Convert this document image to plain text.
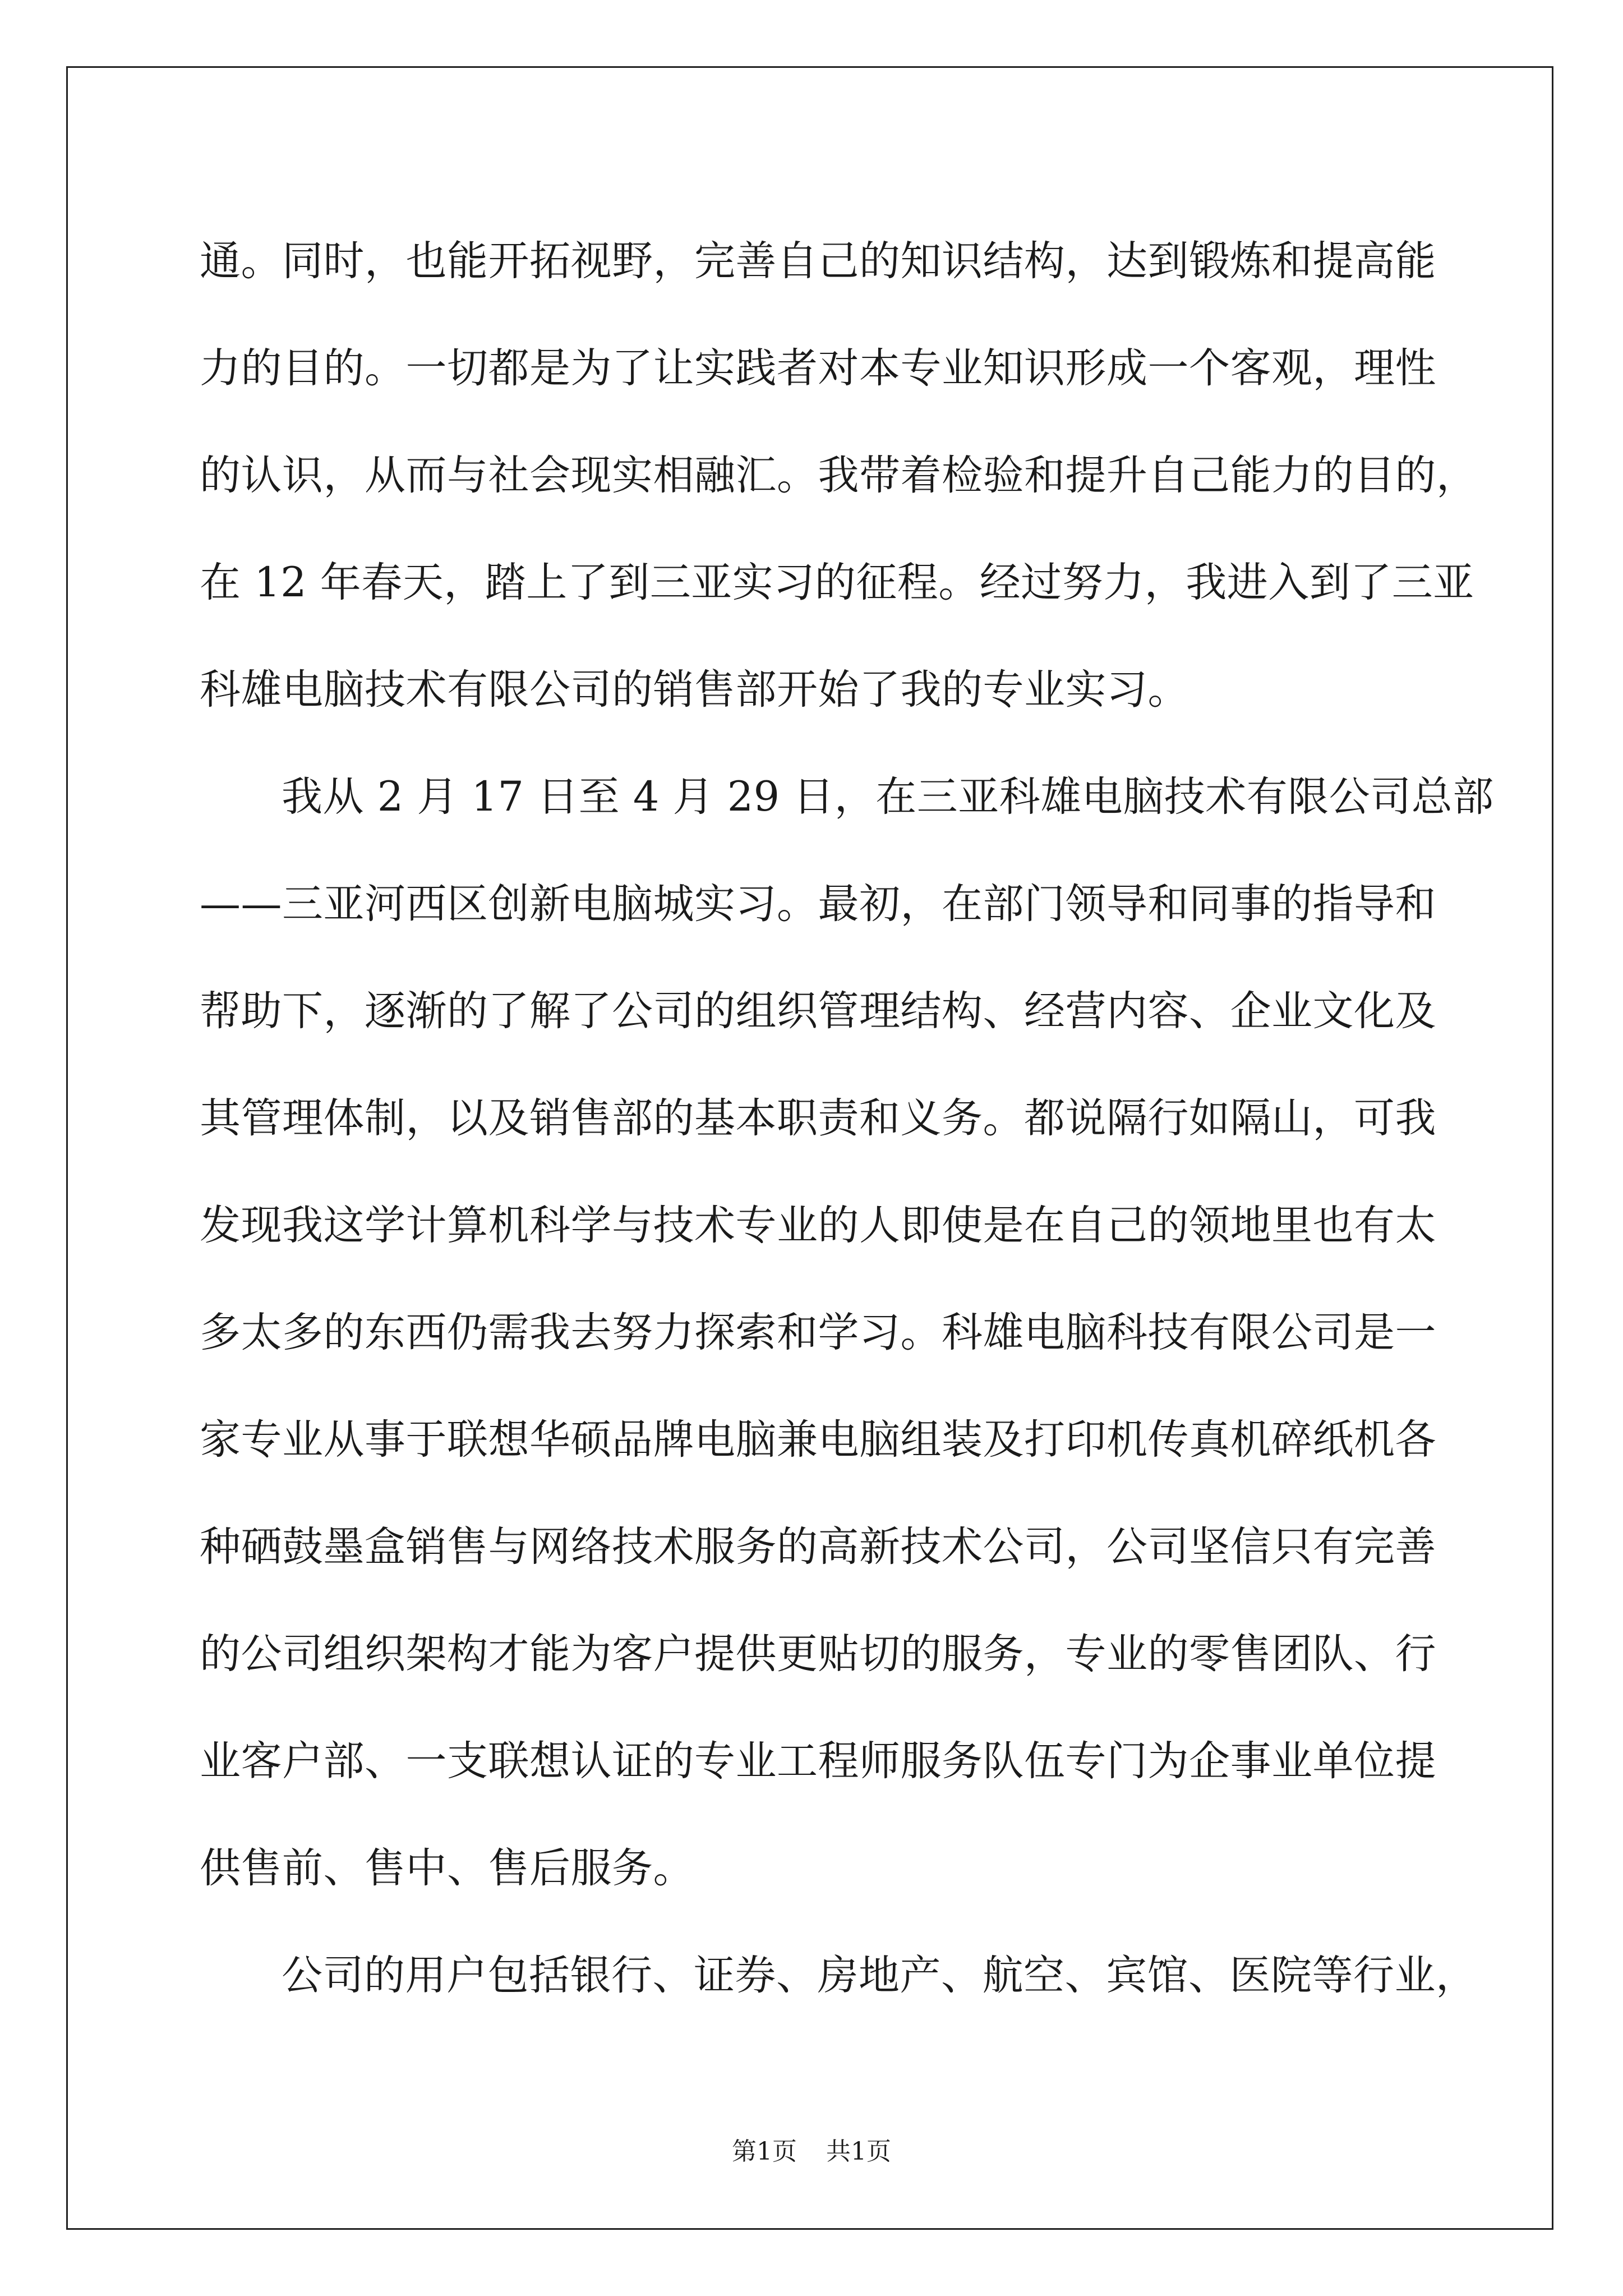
通。同时，也能开拓视野，完善自己的知识结构，达到锻炼和提高能
力的目的。一切都是为了让实践者对本专业知识形成一个客观，理性
的认识，从而与社会现实相融汇。我带着检验和提升自己能力的目的，
在 12 年春天，踏上了到三亚实习的征程。经过努力，我进入到了三亚
科雄电脑技术有限公司的销售部开始了我的专业实习。
我从 2 月 17 日至 4 月 29 日，在三亚科雄电脑技术有限公司总部
——三亚河西区创新电脑城实习。最初，在部门领导和同事的指导和
帮助下，逐渐的了解了公司的组织管理结构、经营内容、企业文化及
其管理体制，以及销售部的基本职责和义务。都说隔行如隔山，可我
发现我这学计算机科学与技术专业的人即使是在自己的领地里也有太
多太多的东西仍需我去努力探索和学习。科雄电脑科技有限公司是一
家专业从事于联想华硕品牌电脑兼电脑组装及打印机传真机碎纸机各
种硒鼓墨盒销售与网络技术服务的高新技术公司，公司坚信只有完善
的公司组织架构才能为客户提供更贴切的服务，专业的零售团队、行
业客户部、一支联想认证的专业工程师服务队伍专门为企事业单位提
供售前、售中、售后服务。
公司的用户包括银行、证券、房地产、航空、宾馆、医院等行业，
第1页 共1页
